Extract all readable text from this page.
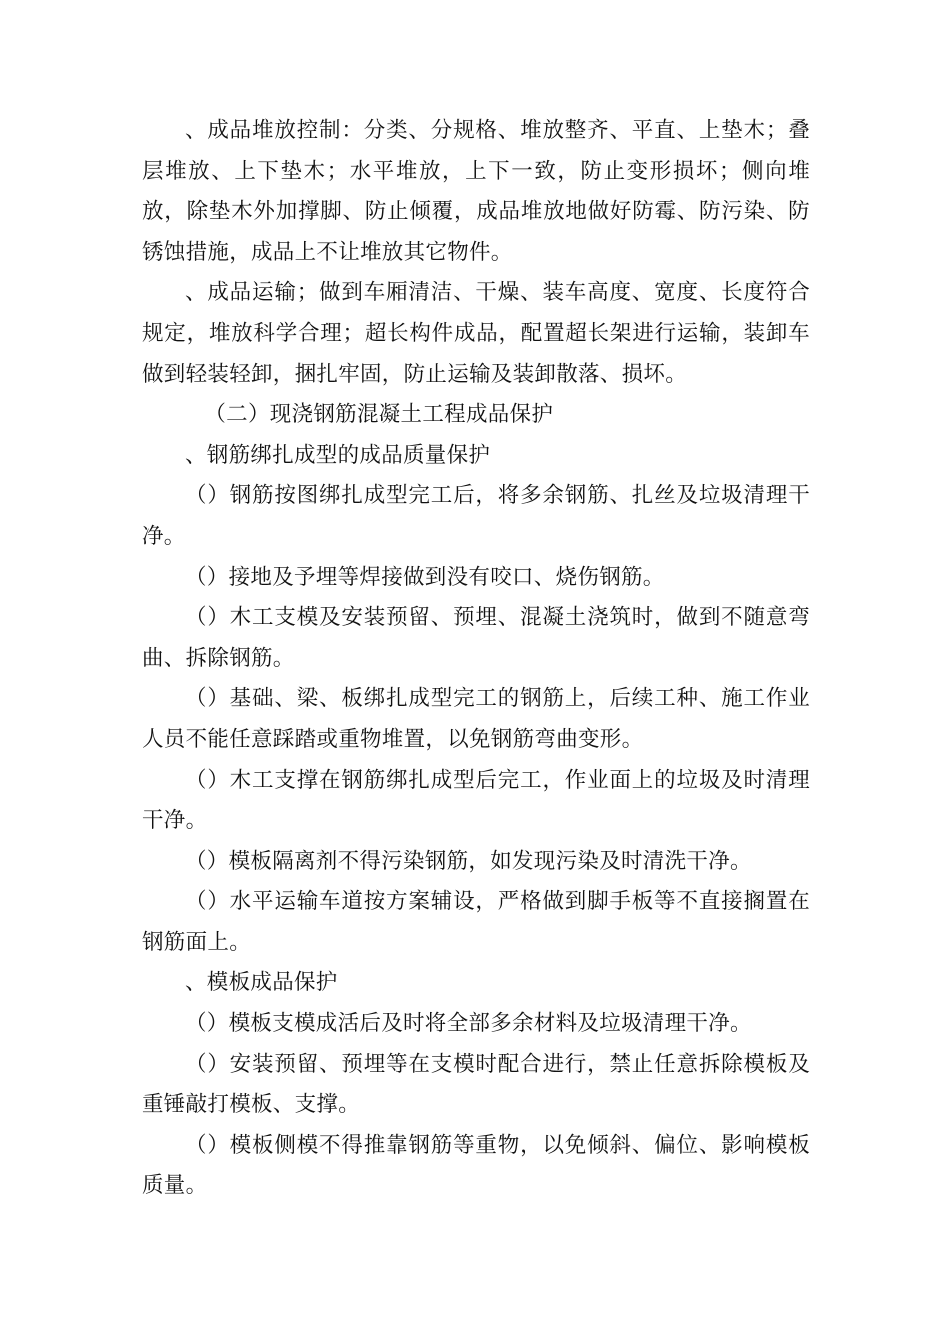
、成品堆放控制：分类、分规格、堆放整齐、平直、上垫木；叠层堆放、上下垫木；水平堆放，上下一致，防止变形损坏；侧向堆放，除垫木外加撑脚、防止倾覆，成品堆放地做好防霉、防污染、防锈蚀措施，成品上不让堆放其它物件。

、成品运输；做到车厢清洁、干燥、装车高度、宽度、长度符合规定，堆放科学合理；超长构件成品，配置超长架进行运输，装卸车做到轻装轻卸，捆扎牢固，防止运输及装卸散落、损坏。

（二）现浇钢筋混凝土工程成品保护

、钢筋绑扎成型的成品质量保护

（）钢筋按图绑扎成型完工后，将多余钢筋、扎丝及垃圾清理干净。

（）接地及予埋等焊接做到没有咬口、烧伤钢筋。

（）木工支模及安装预留、预埋、混凝土浇筑时，做到不随意弯曲、拆除钢筋。

（）基础、梁、板绑扎成型完工的钢筋上，后续工种、施工作业人员不能任意踩踏或重物堆置，以免钢筋弯曲变形。

（）木工支撑在钢筋绑扎成型后完工，作业面上的垃圾及时清理干净。

（）模板隔离剂不得污染钢筋，如发现污染及时清洗干净。

（）水平运输车道按方案辅设，严格做到脚手板等不直接搁置在钢筋面上。

、模板成品保护

（）模板支模成活后及时将全部多余材料及垃圾清理干净。

（）安装预留、预埋等在支模时配合进行，禁止任意拆除模板及重锤敲打模板、支撑。

（）模板侧模不得推靠钢筋等重物，以免倾斜、偏位、影响模板质量。
